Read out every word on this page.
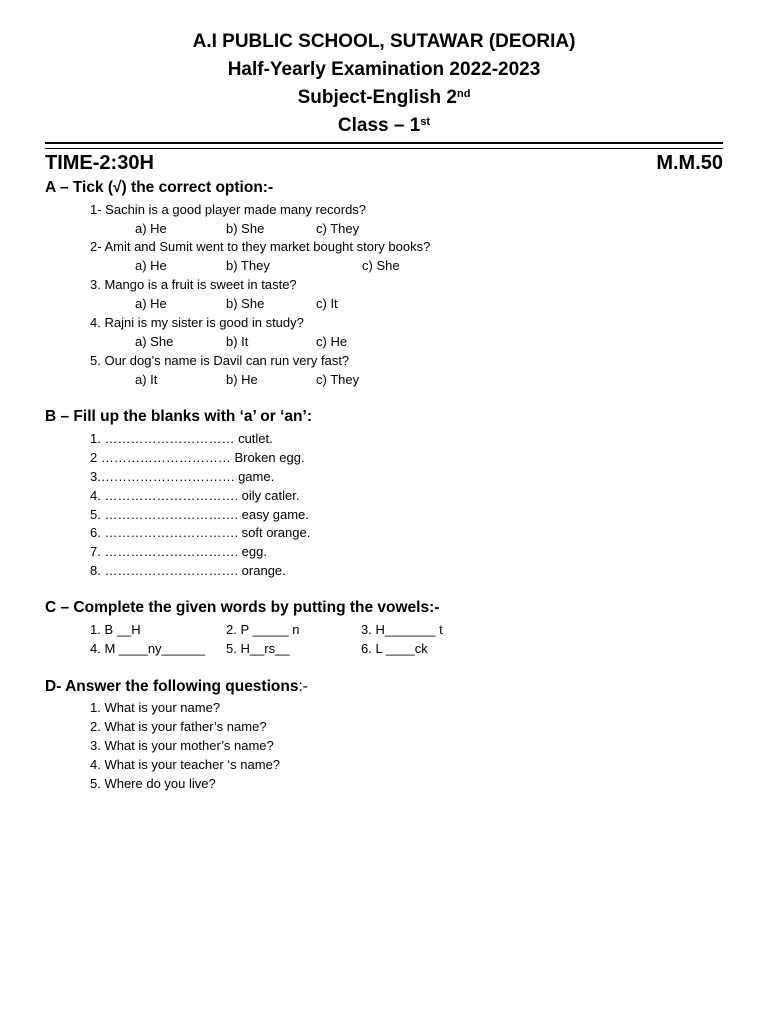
A.I PUBLIC SCHOOL, SUTAWAR (DEORIA)
Half-Yearly Examination 2022-2023
Subject-English 2nd
Class – 1st
TIME-2:30H	M.M.50
A – Tick (√) the correct option:-
1- Sachin is a good player made many records?
a) He	b) She	c) They
2- Amit and Sumit went to they market bought story books?
a) He	b) They	c) She
3. Mango is a fruit is sweet in taste?
a) He	b) She	c) It
4. Rajni is my sister is good in study?
a) She	b) It	c) He
5. Our dog’s name is Davil can run very fast?
a) It	b) He	c) They
B – Fill up the blanks with ‘a’ or ‘an’:
1. ………………………… cutlet.
2 ………………………… Broken egg.
3.…………………………. game.
4. …………………………. oily catler.
5. …………………………. easy game.
6. …………………………. soft orange.
7. …………………………. egg.
8. …………………………. orange.
C – Complete the given words by putting the vowels:-
1. B __H	2. P _____ n	3. H_______ t
4. M ____ny______ 5. H__rs__	6. L ____ck
D- Answer the following questions:-
1. What is your name?
2. What is your father’s name?
3. What is your mother’s name?
4. What is your teacher ‘s name?
5. Where do you live?
